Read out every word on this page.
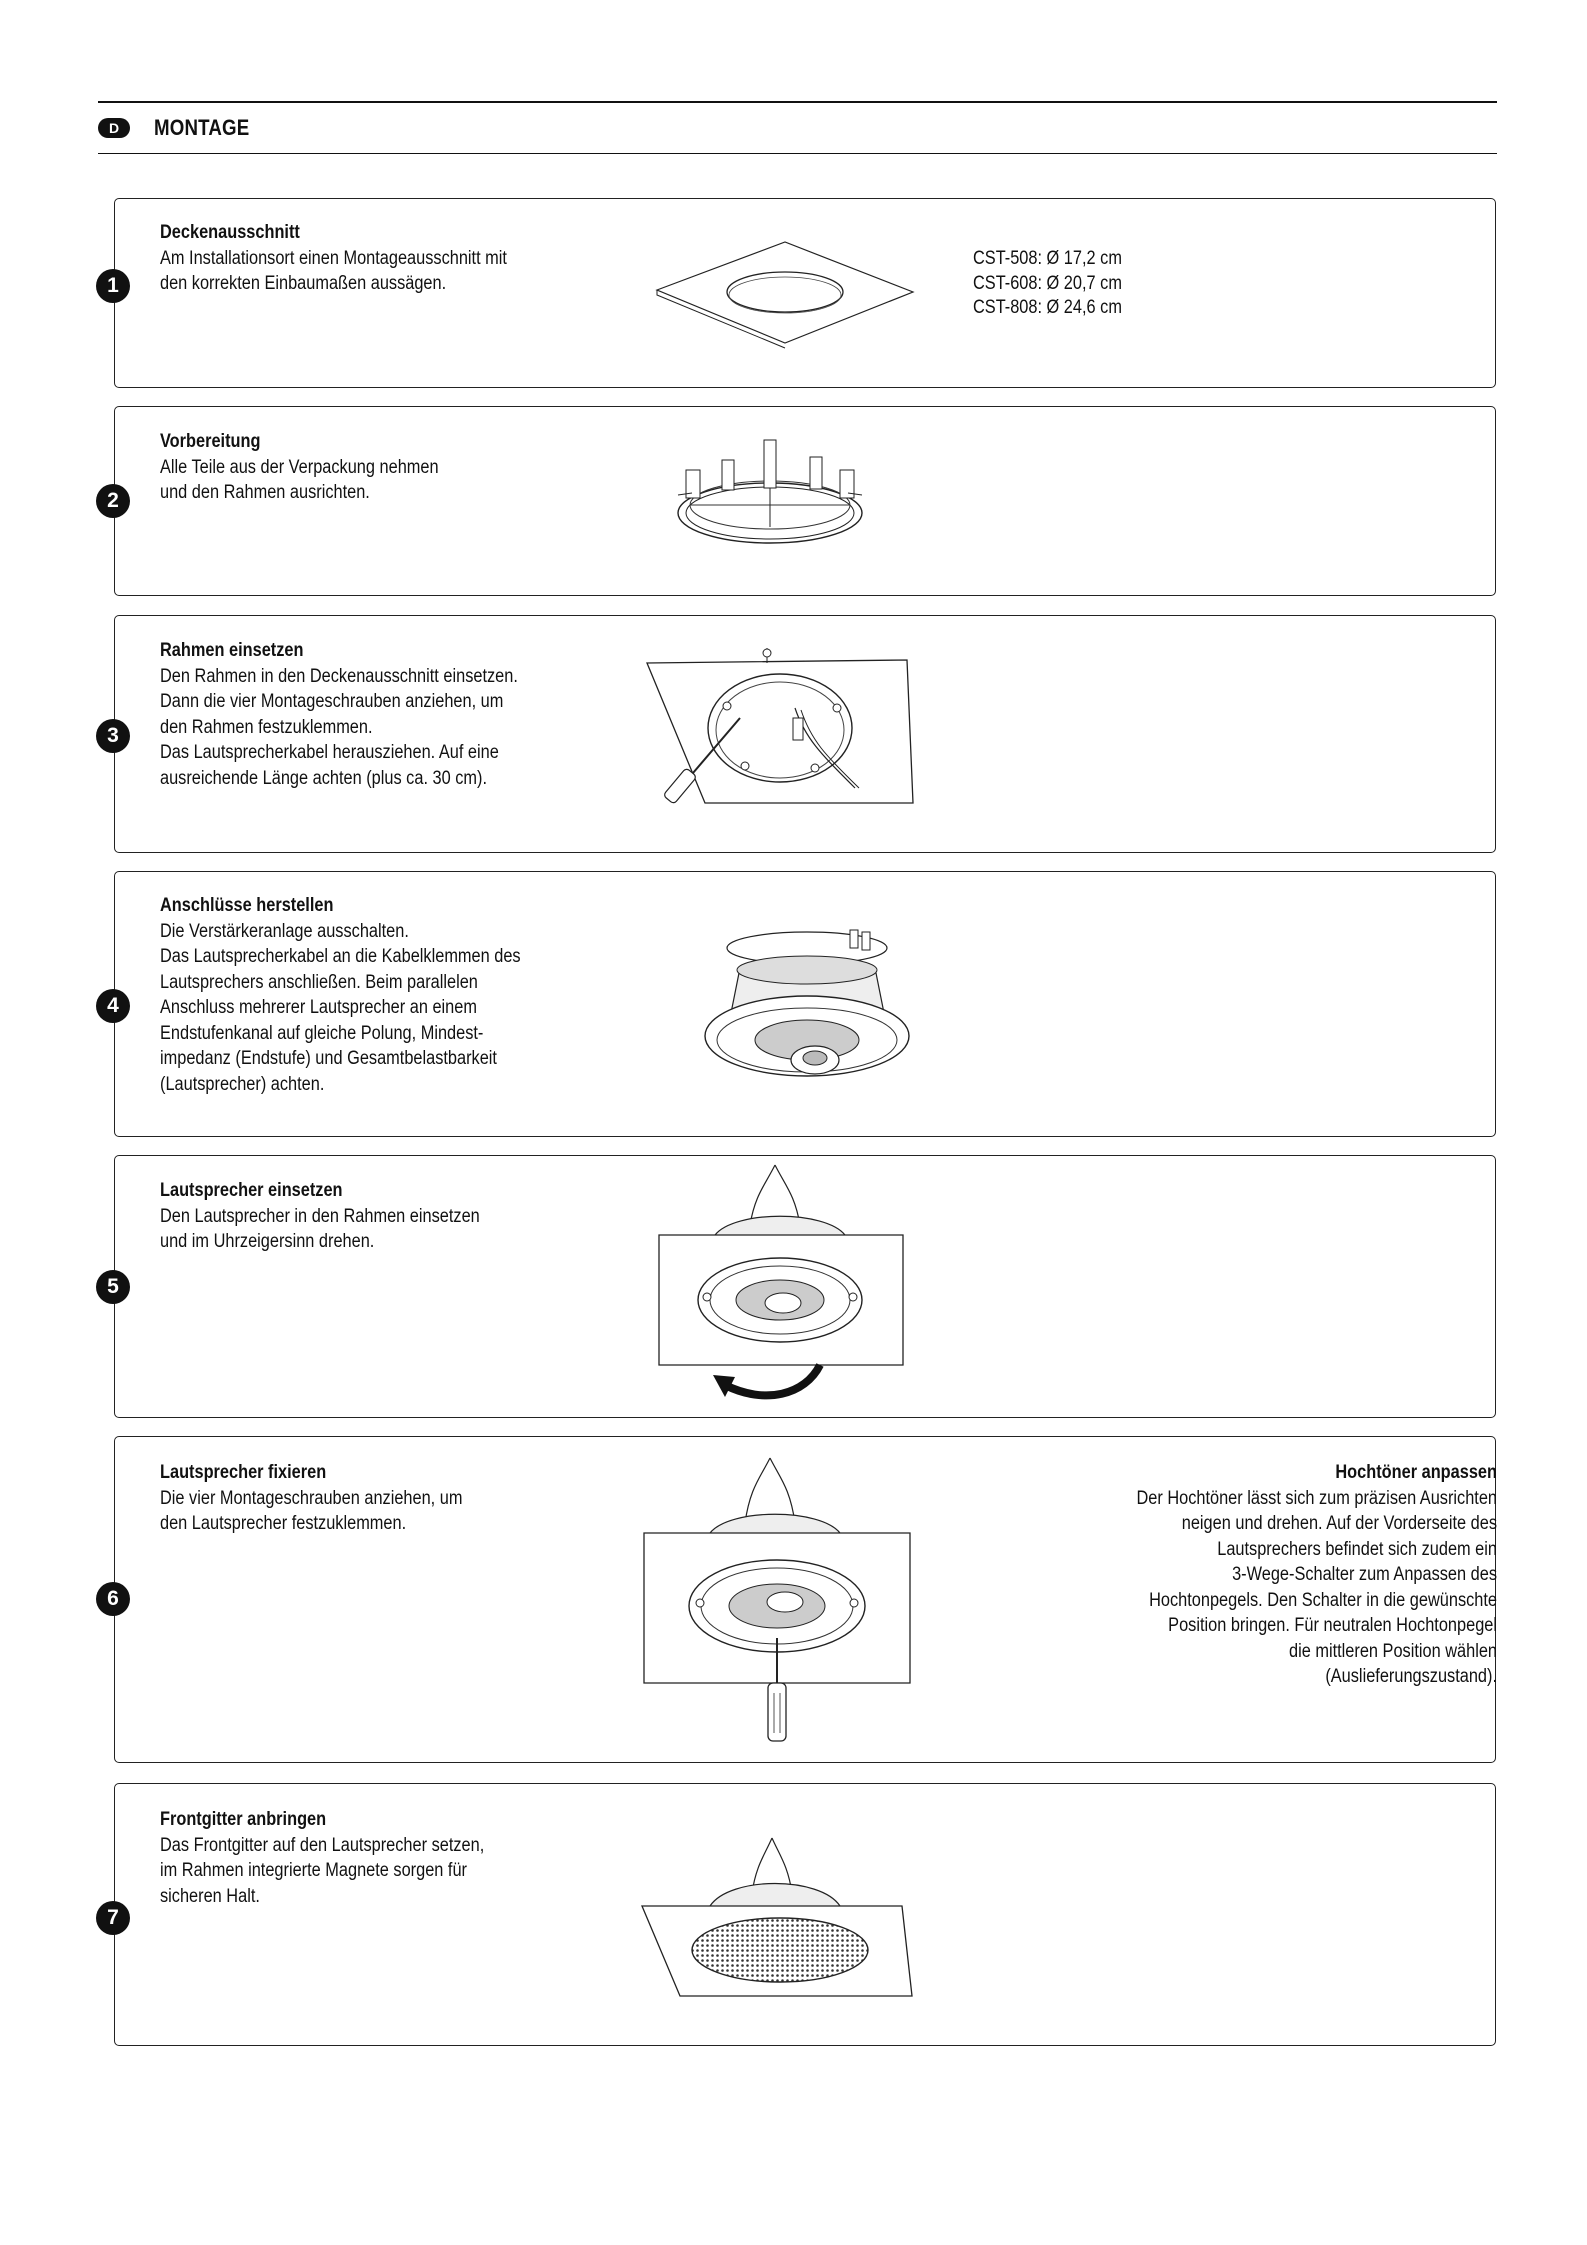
D	MONTAGE
1
Deckenausschnitt
Am Installationsort einen Montageausschnitt mit
den korrekten Einbaumaßen aussägen.
CST-508: Ø 17,2 cm
CST-608: Ø 20,7 cm
CST-808: Ø 24,6 cm
2
Vorbereitung
Alle Teile aus der Verpackung nehmen
und den Rahmen ausrichten.
3
Rahmen einsetzen
Den Rahmen in den Deckenausschnitt einsetzen.
Dann die vier Montageschrauben anziehen, um
den Rahmen festzuklemmen.
Das Lautsprecherkabel herausziehen. Auf eine
ausreichende Länge achten (plus ca. 30 cm).
4
Anschlüsse herstellen
Die Verstärkeranlage ausschalten.
Das Lautsprecherkabel an die Kabelklemmen des
Lautsprechers anschließen. Beim parallelen
Anschluss mehrerer Lautsprecher an einem
Endstufenkanal auf gleiche Polung, Mindest-
impedanz (Endstufe) und Gesamtbelastbarkeit
(Lautsprecher) achten.
5
Lautsprecher einsetzen
Den Lautsprecher in den Rahmen einsetzen
und im Uhrzeigersinn drehen.
6
Lautsprecher fixieren
Die vier Montageschrauben anziehen, um
den Lautsprecher festzuklemmen.
Hochtöner anpassen
Der Hochtöner lässt sich zum präzisen Ausrichten
neigen und drehen. Auf der Vorderseite des
Lautsprechers befindet sich zudem ein
3-Wege-Schalter zum Anpassen des
Hochtonpegels. Den Schalter in die gewünschte
Position bringen. Für neutralen Hochtonpegel
die mittleren Position wählen
(Auslieferungszustand).
7
Frontgitter anbringen
Das Frontgitter auf den Lautsprecher setzen,
im Rahmen integrierte Magnete sorgen für
sicheren Halt.
